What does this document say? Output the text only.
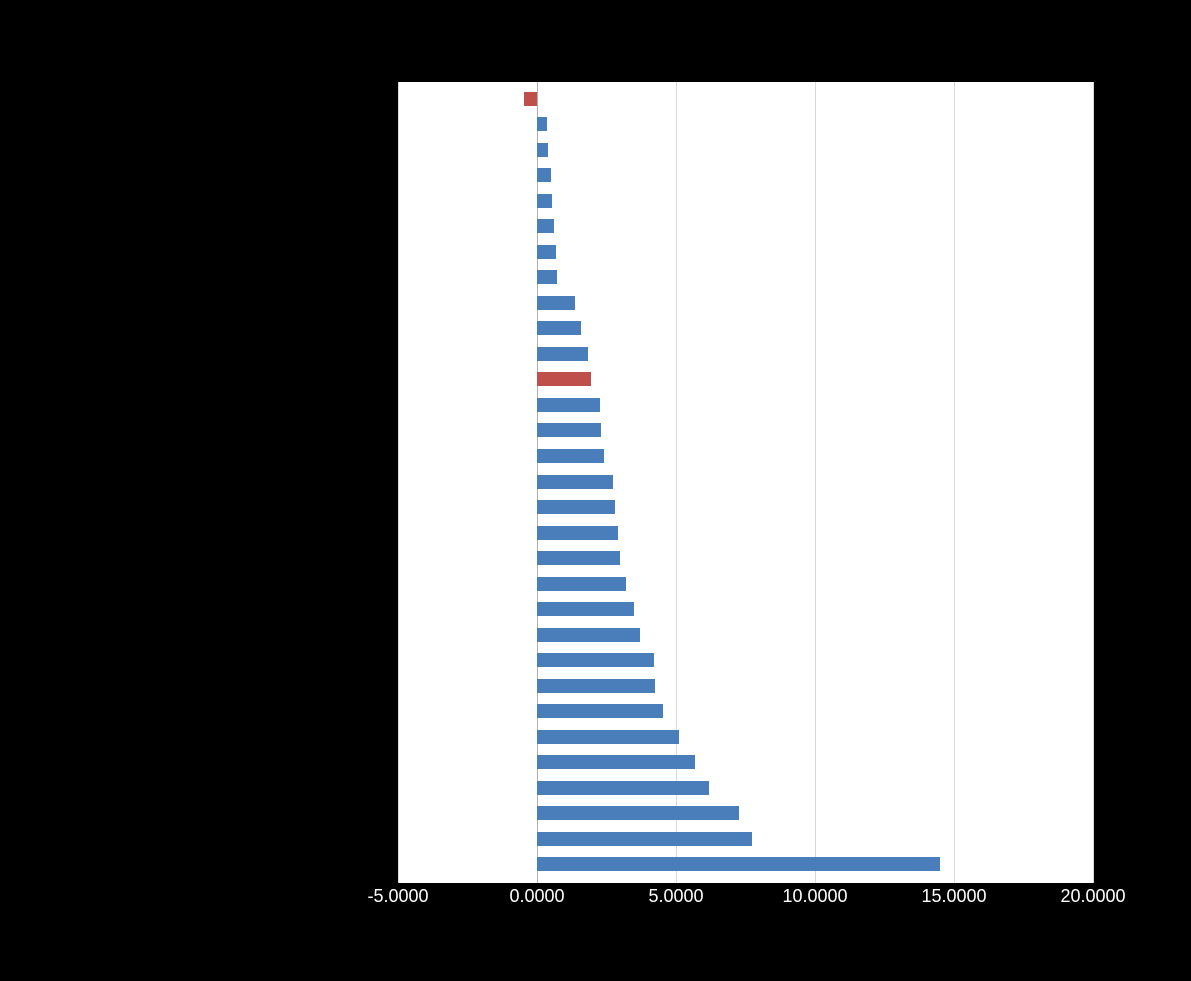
-5.0000	0.0000	5.0000	10.0000	15.0000	20.0000
